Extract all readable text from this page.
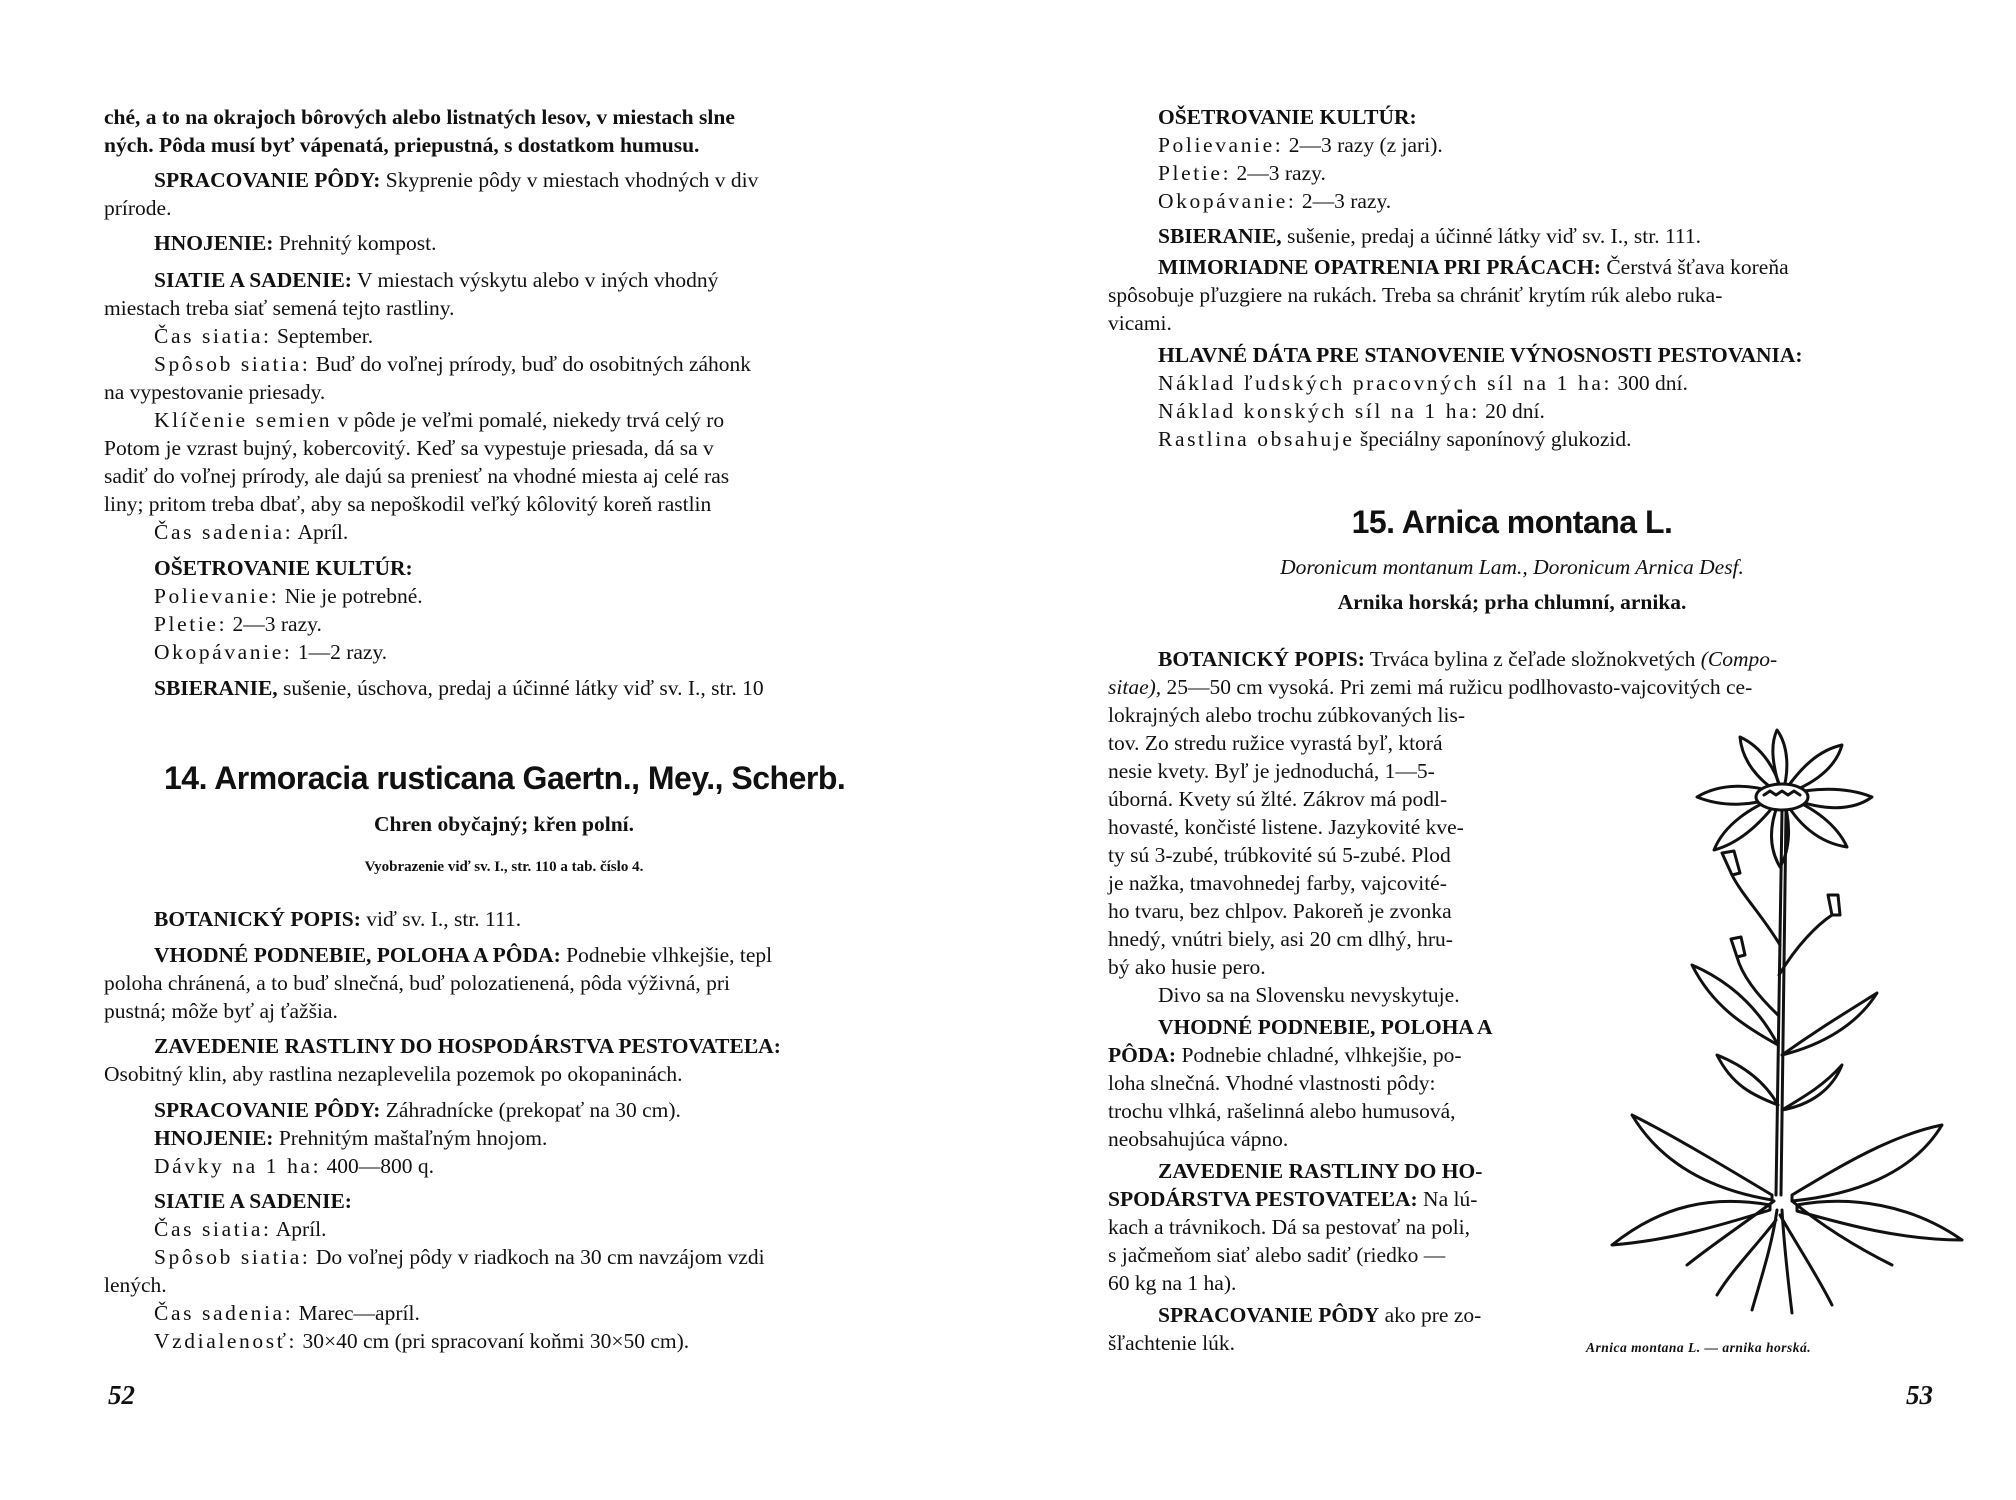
ché, a to na okrajoch bôrových alebo listnatých lesov, v miestach slne
ných. Pôda musí byť vápenatá, priepustná, s dostatkom humusu.
SPRACOVANIE PÔDY: Skyprenie pôdy v miestach vhodných v div
prírode.
HNOJENIE: Prehnitý kompost.
SIATIE A SADENIE: V miestach výskytu alebo v iných vhodný
miestach treba siať semená tejto rastliny.
Čas siatia: September.
Spôsob siatia: Buď do voľnej prírody, buď do osobitných záhonk
na vypestovanie priesady.
Klíčenie semien v pôde je veľmi pomalé, niekedy trvá celý ro
Potom je vzrast bujný, kobercovitý. Keď sa vypestuje priesada, dá sa v
sadiť do voľnej prírody, ale dajú sa preniesť na vhodné miesta aj celé ras
liny; pritom treba dbať, aby sa nepoškodil veľký kôlovitý koreň rastlin
Čas sadenia: Apríl.
OŠETROVANIE KULTÚR:
Polievanie: Nie je potrebné.
Pletie: 2—3 razy.
Okopávanie: 1—2 razy.
SBIERANIE, sušenie, úschova, predaj a účinné látky viď sv. I., str. 10
14. Armoracia rusticana Gaertn., Mey., Scherb.
Chren obyčajný; křen polní.
Vyobrazenie viď sv. I., str. 110 a tab. číslo 4.
BOTANICKÝ POPIS: viď sv. I., str. 111.
VHODNÉ PODNEBIE, POLOHA A PÔDA: Podnebie vlhkejšie, tepl
poloha chránená, a to buď slnečná, buď polozatienená, pôda výživná, pri
pustná; môže byť aj ťažšia.
ZAVEDENIE RASTLINY DO HOSPODÁRSTVA PESTOVATEĽA:
Osobitný klin, aby rastlina nezaplevelila pozemok po okopaninách.
SPRACOVANIE PÔDY: Záhradnícke (prekopať na 30 cm).
HNOJENIE: Prehnitým maštaľným hnojom.
Dávky na 1 ha: 400—800 q.
SIATIE A SADENIE:
Čas siatia: Apríl.
Spôsob siatia: Do voľnej pôdy v riadkoch na 30 cm navzájom vzdi
lených.
Čas sadenia: Marec—apríl.
Vzdialenosť: 30×40 cm (pri spracovaní koňmi 30×50 cm).
52
OŠETROVANIE KULTÚR:
Polievanie: 2—3 razy (z jari).
Pletie: 2—3 razy.
Okopávanie: 2—3 razy.
SBIERANIE, sušenie, predaj a účinné látky viď sv. I., str. 111.
MIMORIADNE OPATRENIA PRI PRÁCACH: Čerstvá šťava koreňa
spôsobuje pľuzgiere na rukách. Treba sa chrániť krytím rúk alebo ruka-
vicami.
HLAVNÉ DÁTA PRE STANOVENIE VÝNOSNOSTI PESTOVANIA:
Náklad ľudských pracovných síl na 1 ha: 300 dní.
Náklad konských síl na 1 ha: 20 dní.
Rastlina obsahuje špeciálny saponínový glukozid.
15. Arnica montana L.
Doronicum montanum Lam., Doronicum Arnica Desf.
Arnika horská; prha chlumní, arnika.
BOTANICKÝ POPIS: Trváca bylina z čeľade složnokvetých (Compo-
sitae), 25—50 cm vysoká. Pri zemi má ružicu podlhovasto-vajcovitých ce-
lokrajných alebo trochu zúbkovaných lis-
tov. Zo stredu ružice vyrastá byľ, ktorá
nesie kvety. Byľ je jednoduchá, 1—5-
úborná. Kvety sú žlté. Zákrov má podl-
hovasté, končisté listene. Jazykovité kve-
ty sú 3-zubé, trúbkovité sú 5-zubé. Plod
je nažka, tmavohnedej farby, vajcovité-
ho tvaru, bez chlpov. Pakoreň je zvonka
hnedý, vnútri biely, asi 20 cm dlhý, hru-
bý ako husie pero.
Divo sa na Slovensku nevyskytuje.
VHODNÉ PODNEBIE, POLOHA A
PÔDA: Podnebie chladné, vlhkejšie, po-
loha slnečná. Vhodné vlastnosti pôdy:
trochu vlhká, rašelinná alebo humusová,
neobsahujúca vápno.
ZAVEDENIE RASTLINY DO HO-
SPODÁRSTVA PESTOVATEĽA: Na lú-
kach a trávnikoch. Dá sa pestovať na poli,
s jačmeňom siať alebo sadiť (riedko —
60 kg na 1 ha).
SPRACOVANIE PÔDY ako pre zo-
šľachtenie lúk.	Arnica montana L. — arnika horská.
53
